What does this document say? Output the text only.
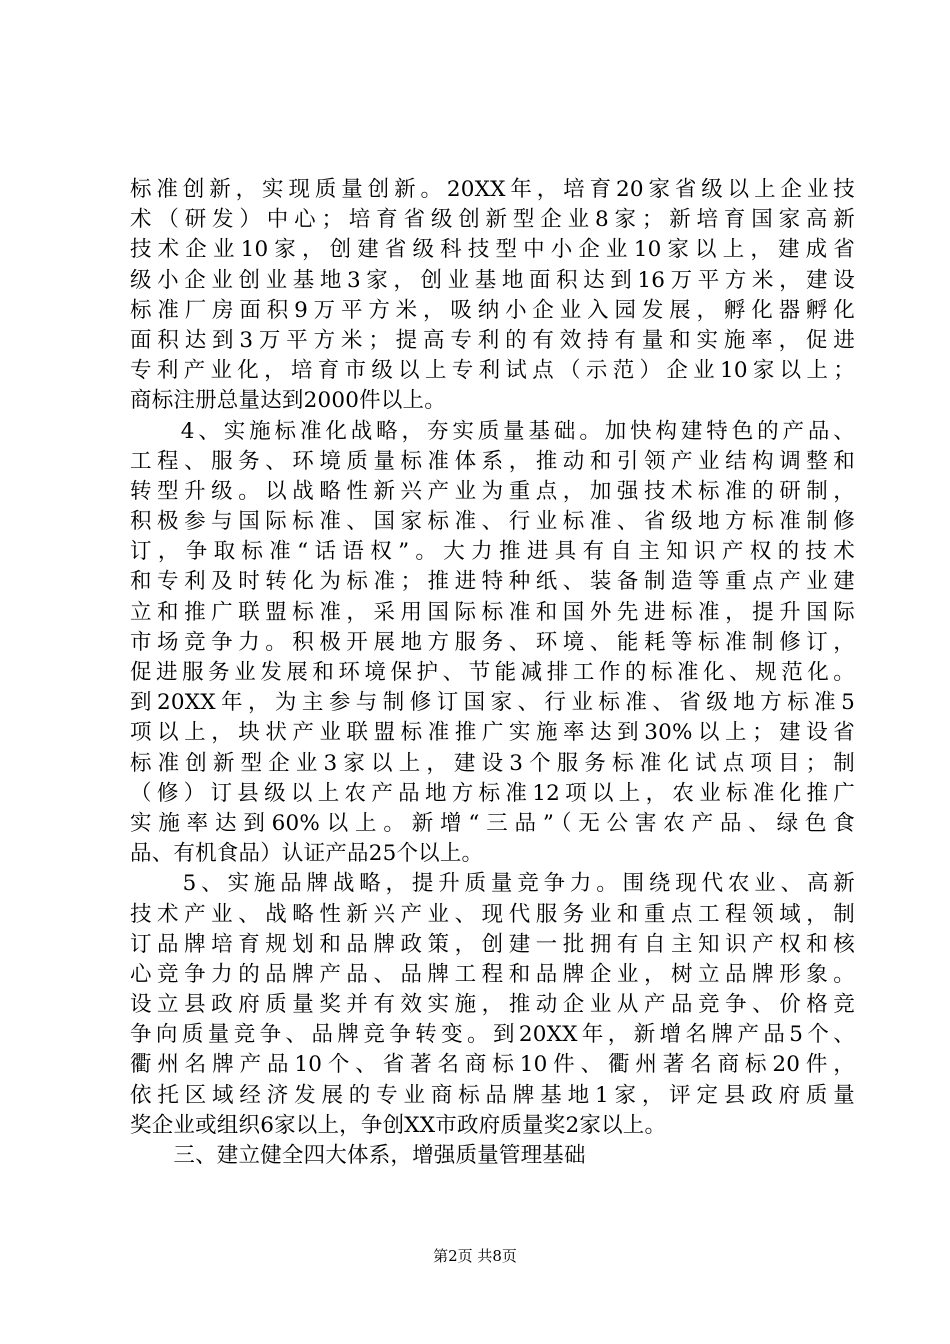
标准创新，实现质量创新。20XX年，培育20家省级以上企业技
术（研发）中心；培育省级创新型企业8家；新培育国家高新
技术企业10家，创建省级科技型中小企业10家以上，建成省
级小企业创业基地3家，创业基地面积达到16万平方米，建设
标准厂房面积9万平方米，吸纳小企业入园发展，孵化器孵化
面积达到3万平方米；提高专利的有效持有量和实施率，促进
专利产业化，培育市级以上专利试点（示范）企业10家以上；
商标注册总量达到2000件以上。
　　4、实施标准化战略，夯实质量基础。加快构建特色的产品、
工程、服务、环境质量标准体系，推动和引领产业结构调整和
转型升级。以战略性新兴产业为重点，加强技术标准的研制，
积极参与国际标准、国家标准、行业标准、省级地方标准制修
订，争取标准“话语权”。大力推进具有自主知识产权的技术
和专利及时转化为标准；推进特种纸、装备制造等重点产业建
立和推广联盟标准，采用国际标准和国外先进标准，提升国际
市场竞争力。积极开展地方服务、环境、能耗等标准制修订，
促进服务业发展和环境保护、节能减排工作的标准化、规范化。
到20XX年，为主参与制修订国家、行业标准、省级地方标准5
项以上，块状产业联盟标准推广实施率达到30%以上；建设省
标准创新型企业3家以上，建设3个服务标准化试点项目；制
（修）订县级以上农产品地方标准12项以上，农业标准化推广
实施率达到60%以上。新增“三品”（无公害农产品、绿色食
品、有机食品）认证产品25个以上。
　　5、实施品牌战略，提升质量竞争力。围绕现代农业、高新
技术产业、战略性新兴产业、现代服务业和重点工程领域，制
订品牌培育规划和品牌政策，创建一批拥有自主知识产权和核
心竞争力的品牌产品、品牌工程和品牌企业，树立品牌形象。
设立县政府质量奖并有效实施，推动企业从产品竞争、价格竞
争向质量竞争、品牌竞争转变。到20XX年，新增名牌产品5个、
衢州名牌产品10个、省著名商标10件、衢州著名商标20件，
依托区域经济发展的专业商标品牌基地1家，评定县政府质量
奖企业或组织6家以上，争创XX市政府质量奖2家以上。
　　三、建立健全四大体系，增强质量管理基础
第2页 共8页
